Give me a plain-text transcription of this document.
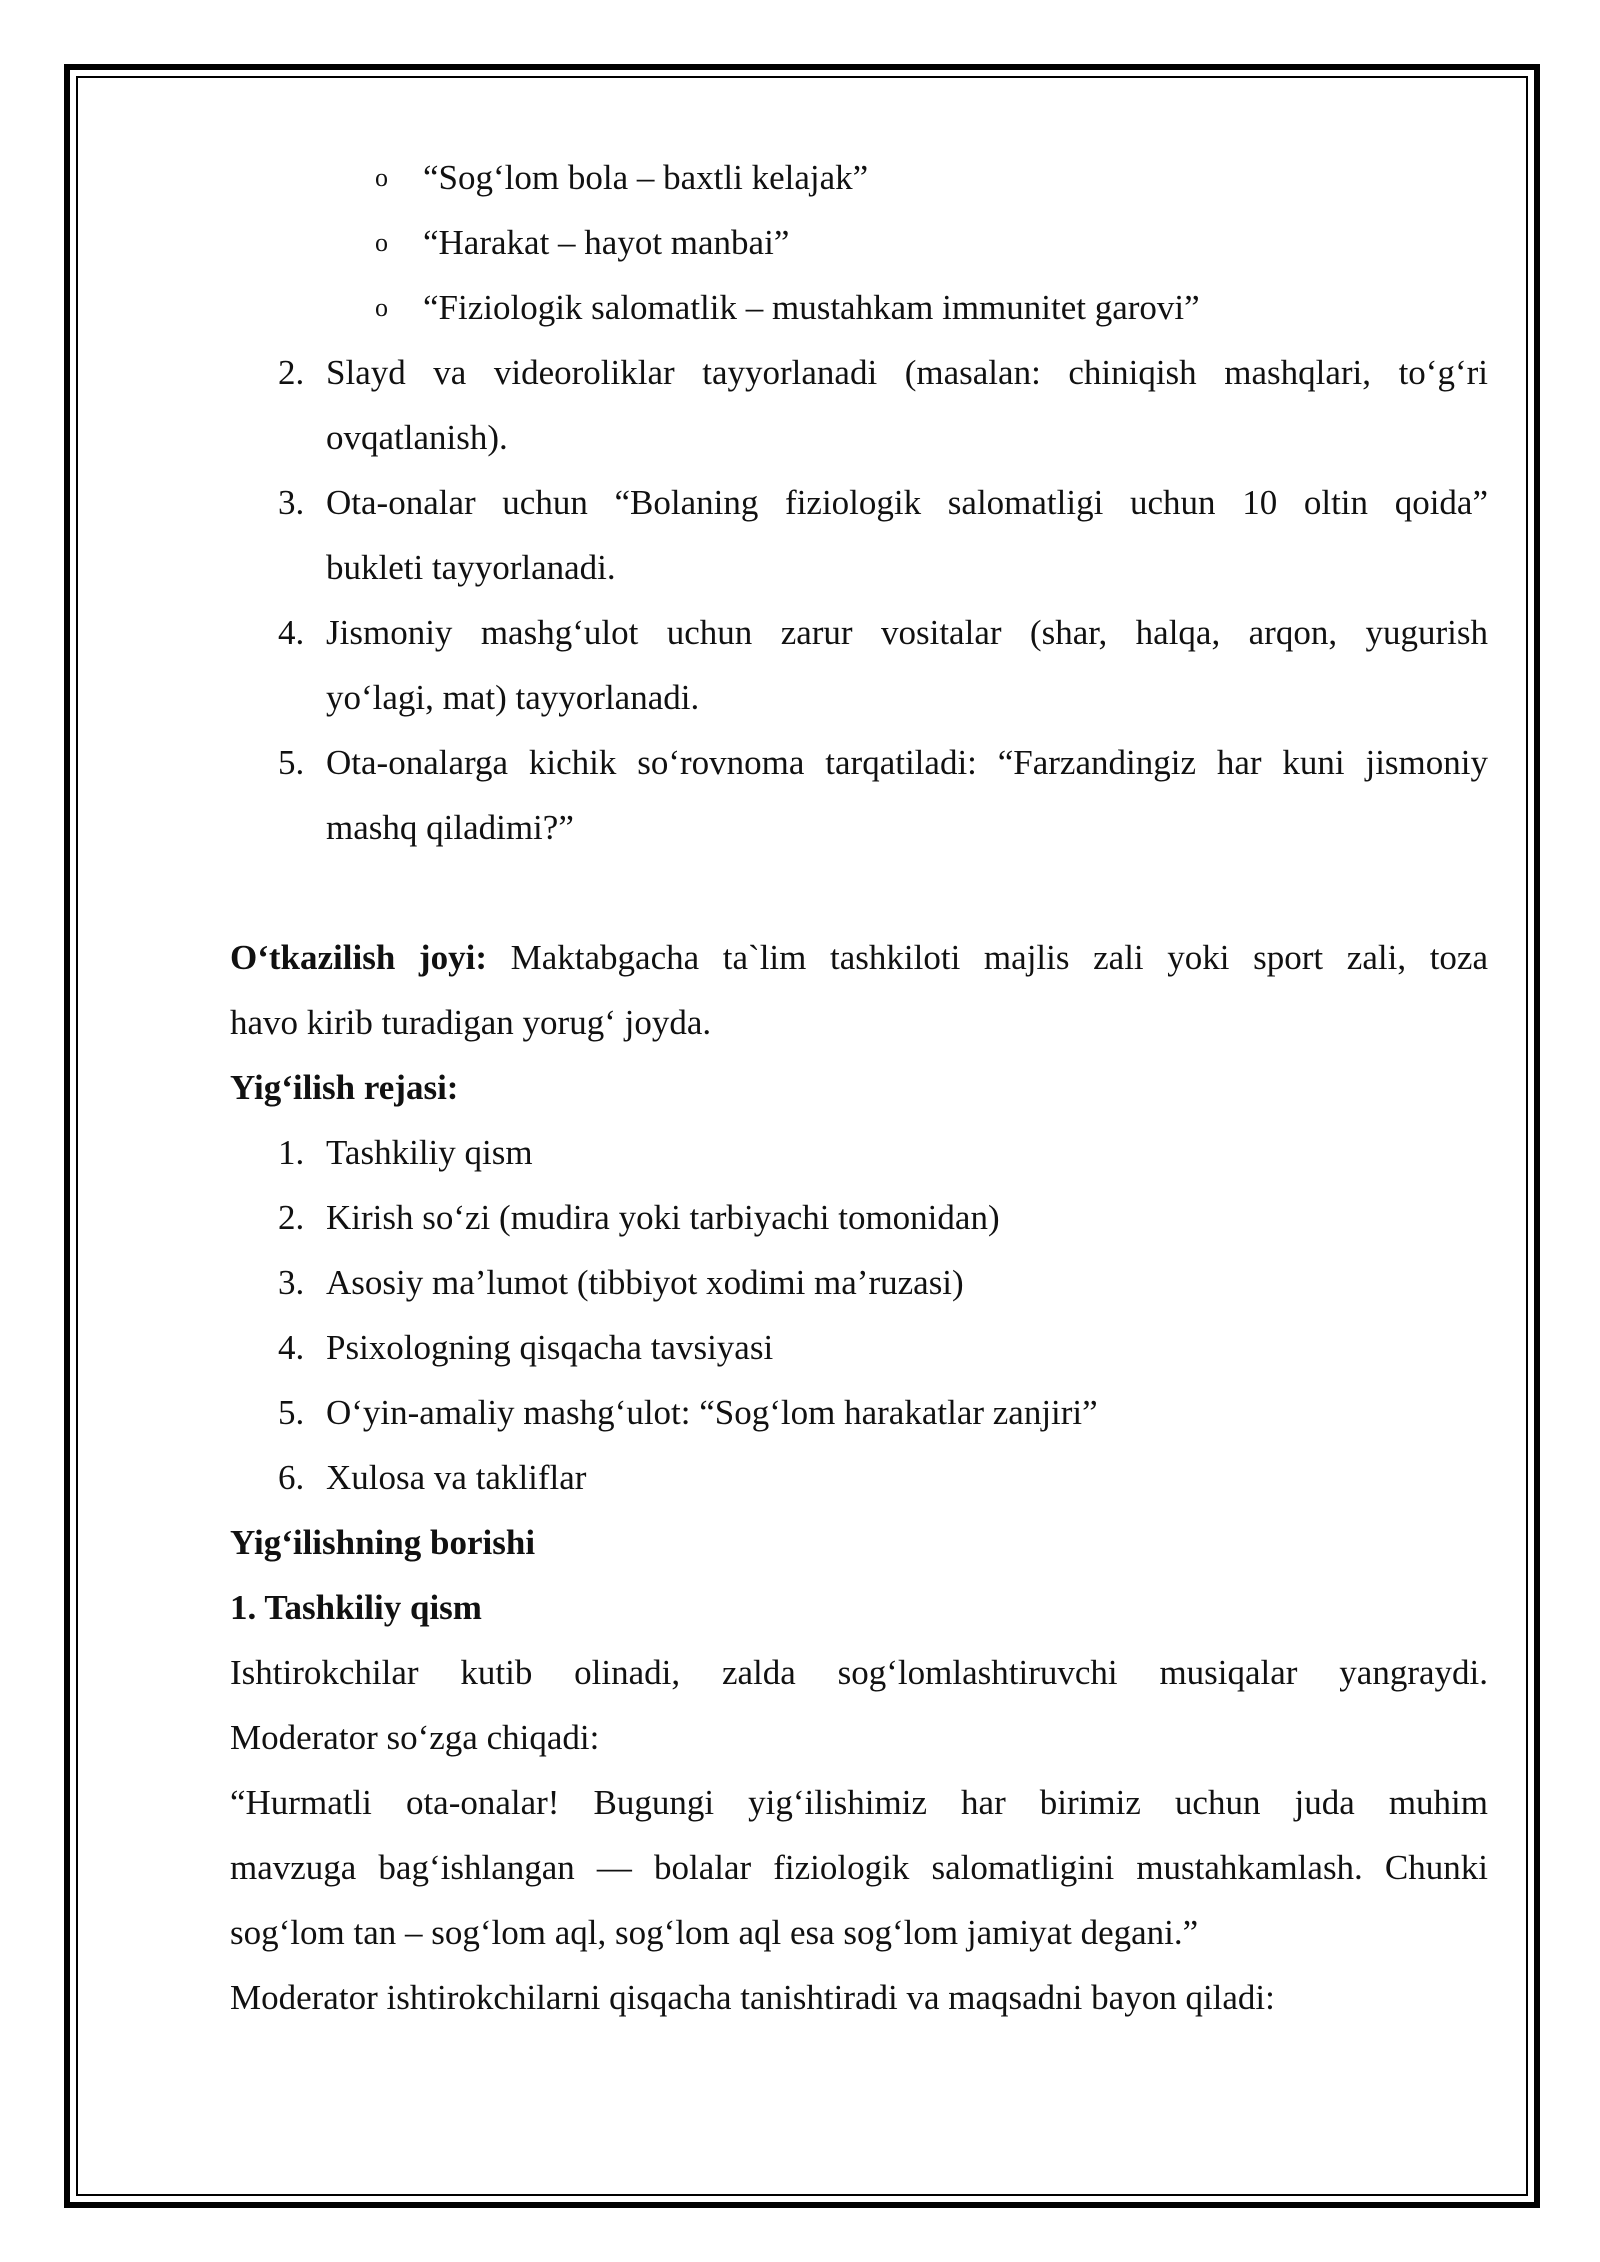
o “Sog‘lom bola – baxtli kelajak”
o “Harakat – hayot manbai”
o “Fiziologik salomatlik – mustahkam immunitet garovi”
2. Slayd va videoroliklar tayyorlanadi (masalan: chiniqish mashqlari, to‘g‘ri
ovqatlanish).
3. Ota-onalar uchun “Bolaning fiziologik salomatligi uchun 10 oltin qoida”
bukleti tayyorlanadi.
4. Jismoniy mashg‘ulot uchun zarur vositalar (shar, halqa, arqon, yugurish
yo‘lagi, mat) tayyorlanadi.
5. Ota-onalarga kichik so‘rovnoma tarqatiladi: “Farzandingiz har kuni jismoniy
mashq qiladimi?”
O‘tkazilish joyi: Maktabgacha ta`lim tashkiloti majlis zali yoki sport zali, toza
havo kirib turadigan yorug‘ joyda.
Yig‘ilish rejasi:
1. Tashkiliy qism
2. Kirish so‘zi (mudira yoki tarbiyachi tomonidan)
3. Asosiy ma’lumot (tibbiyot xodimi ma’ruzasi)
4. Psixologning qisqacha tavsiyasi
5. O‘yin-amaliy mashg‘ulot: “Sog‘lom harakatlar zanjiri”
6. Xulosa va takliflar
Yig‘ilishning borishi
1. Tashkiliy qism
Ishtirokchilar kutib olinadi, zalda sog‘lomlashtiruvchi musiqalar yangraydi.
Moderator so‘zga chiqadi:
“Hurmatli ota-onalar! Bugungi yig‘ilishimiz har birimiz uchun juda muhim
mavzuga bag‘ishlangan — bolalar fiziologik salomatligini mustahkamlash. Chunki
sog‘lom tan – sog‘lom aql, sog‘lom aql esa sog‘lom jamiyat degani.”
Moderator ishtirokchilarni qisqacha tanishtiradi va maqsadni bayon qiladi:
